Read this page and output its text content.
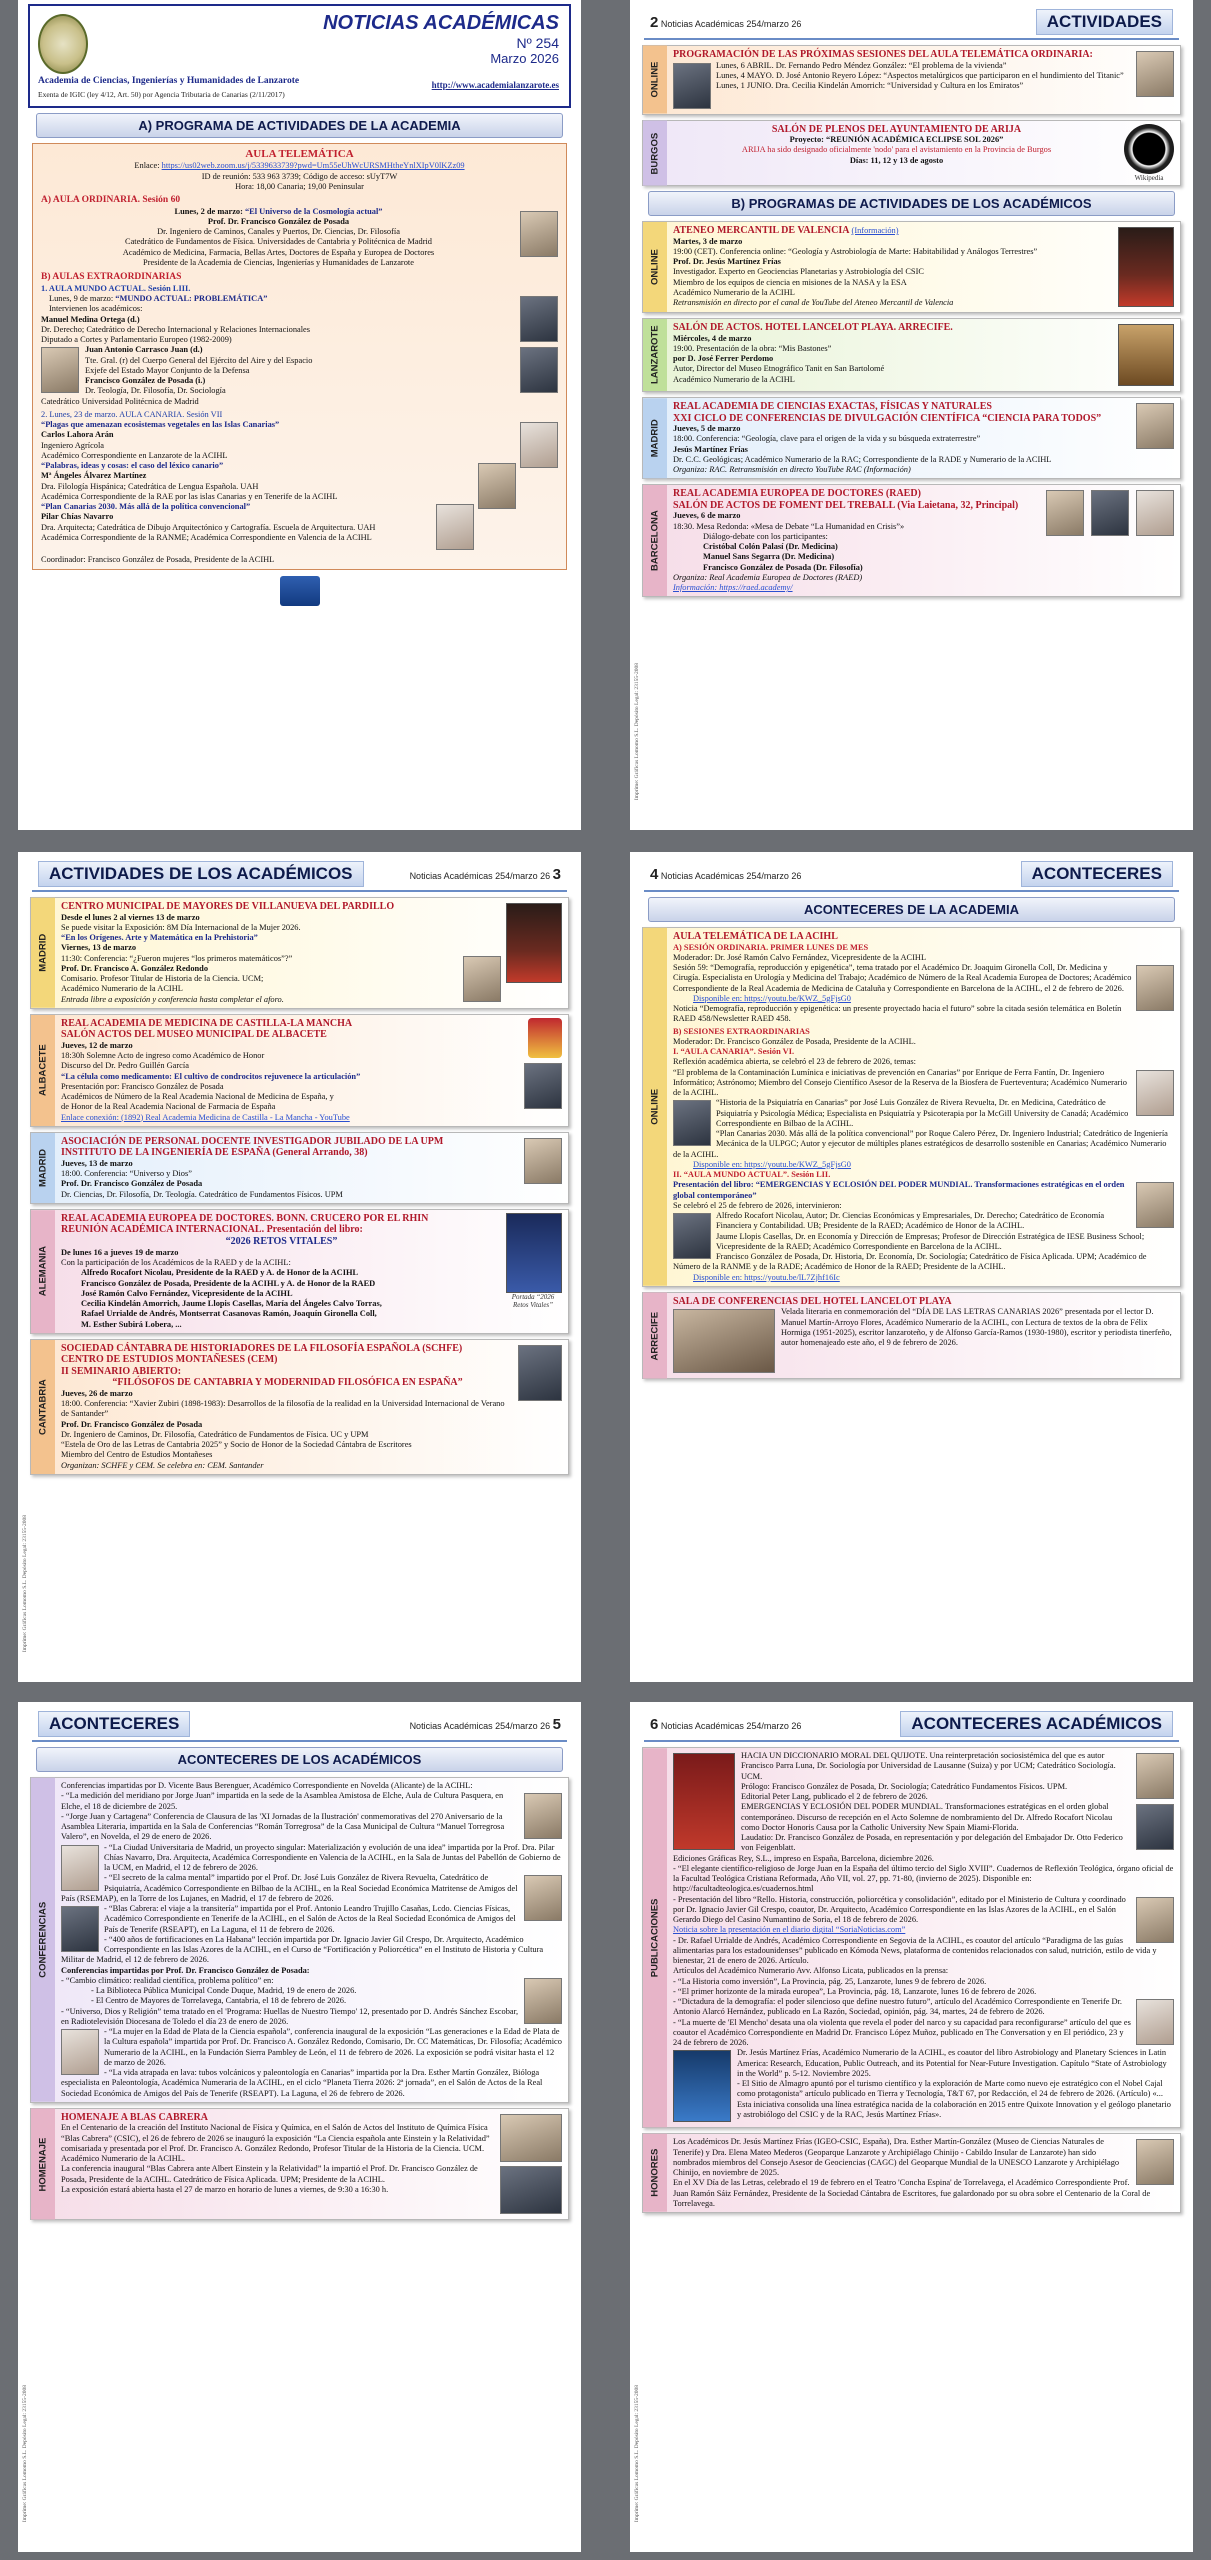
NOTICIAS ACADÉMICAS
Nº 254
Marzo 2026
http://www.academialanzarote.es
Academia de Ciencias, Ingenierías y Humanidades de Lanzarote
Exenta de IGIC (ley 4/12, Art. 50) por Agencia Tributaria de Canarias (2/11/2017)
A) PROGRAMA DE ACTIVIDADES DE LA ACADEMIA
AULA TELEMÁTICA
Enlace: https://us02web.zoom.us/j/5339633739?pwd=Um55eUhWcURSMHtheYnlXIpV0lKZz09
ID de reunión: 533 963 3739; Código de acceso: sUyT7W
Hora: 18,00 Canaria; 19,00 Peninsular
A) AULA ORDINARIA. Sesión 60
Lunes, 2 de marzo: “El Universo de la Cosmología actual”
Prof. Dr. Francisco González de Posada
Dr. Ingeniero de Caminos, Canales y Puertos, Dr. Ciencias, Dr. Filosofía
Catedrático de Fundamentos de Física. Universidades de Cantabria y Politécnica de Madrid
Académico de Medicina, Farmacia, Bellas Artes, Doctores de España y Europea de Doctores
Presidente de la Academia de Ciencias, Ingenierías y Humanidades de Lanzarote
B) AULAS EXTRAORDINARIAS
1. AULA MUNDO ACTUAL. Sesión LIII.
Lunes, 9 de marzo: “MUNDO ACTUAL: PROBLEMÁTICA”
Intervienen los académicos:
Manuel Medina Ortega (d.)
Dr. Derecho; Catedrático de Derecho Internacional y Relaciones Internacionales
Diputado a Cortes y Parlamentario Europeo (1982-2009)
Juan Antonio Carrasco Juan (d.)
Tte. Gral. (r) del Cuerpo General del Ejército del Aire y del Espacio
Exjefe del Estado Mayor Conjunto de la Defensa
Francisco González de Posada (i.)
Dr. Teología, Dr. Filosofía, Dr. Sociología
Catedrático Universidad Politécnica de Madrid
2. Lunes, 23 de marzo. AULA CANARIA. Sesión VII
“Plagas que amenazan ecosistemas vegetales en las Islas Canarias”
Carlos Lahora Arán
Ingeniero Agrícola
Académico Correspondiente en Lanzarote de la ACIHL
“Palabras, ideas y cosas: el caso del léxico canario”
Mª Ángeles Álvarez Martínez
Dra. Filología Hispánica; Catedrática de Lengua Española. UAH
Académica Correspondiente de la RAE por las islas Canarias y en Tenerife de la ACIHL
“Plan Canarias 2030. Más allá de la política convencional”
Pilar Chías Navarro
Dra. Arquitecta; Catedrática de Dibujo Arquitectónico y Cartografía. Escuela de Arquitectura. UAH
Académica Correspondiente de la RANME; Académica Correspondiente en Valencia de la ACIHL
Coordinador: Francisco González de Posada, Presidente de la ACIHL
2 Noticias Académicas 254/marzo 26	ACTIVIDADES
ONLINE
PROGRAMACIÓN DE LAS PRÓXIMAS SESIONES DEL AULA TELEMÁTICA ORDINARIA:
Lunes, 6 ABRIL. Dr. Fernando Pedro Méndez González: “El problema de la vivienda”
Lunes, 4 MAYO. D. José Antonio Reyero López: “Aspectos metalúrgicos que participaron en el hundimiento del Titanic”
Lunes, 1 JUNIO. Dra. Cecilia Kindelán Amorrich: “Universidad y Cultura en los Emiratos”
BURGOS
Wikipedia
SALÓN DE PLENOS DEL AYUNTAMIENTO DE ARIJA
Proyecto: “REUNIÓN ACADÉMICA ECLIPSE SOL 2026”
ARIJA ha sido designado oficialmente 'nodo' para el avistamiento en la Provincia de Burgos
Días: 11, 12 y 13 de agosto
B) PROGRAMAS DE ACTIVIDADES DE LOS ACADÉMICOS
ONLINE
ATENEO MERCANTIL DE VALENCIA (Información)
Martes, 3 de marzo
19:00 (CET). Conferencia online: “Geología y Astrobiología de Marte: Habitabilidad y Análogos Terrestres”
Prof. Dr. Jesús Martínez Frías
Investigador. Experto en Geociencias Planetarias y Astrobiología del CSIC
Miembro de los equipos de ciencia en misiones de la NASA y la ESA
Académico Numerario de la ACIHL
Retransmisión en directo por el canal de YouTube del Ateneo Mercantil de Valencia
LANZAROTE	SALÓN DE ACTOS. HOTEL LANCELOT PLAYA. ARRECIFE.
Miércoles, 4 de marzo
19:00. Presentación de la obra: “Mis Bastones”
por D. José Ferrer Perdomo
Autor, Director del Museo Etnográfico Tanit en San Bartolomé
Académico Numerario de la ACIHL
MADRID
REAL ACADEMIA DE CIENCIAS EXACTAS, FÍSICAS Y NATURALES
XXI CICLO DE CONFERENCIAS DE DIVULGACIÓN CIENTÍFICA “CIENCIA PARA TODOS”
Jueves, 5 de marzo
18:00. Conferencia: “Geología, clave para el origen de la vida y su búsqueda extraterrestre”
Jesús Martínez Frías
Dr. C.C. Geológicas; Académico Numerario de la RAC; Correspondiente de la RADE y Numerario de la ACIHL
Organiza: RAC. Retransmisión en directo YouTube RAC (Información)
BARCELONA
REAL ACADEMIA EUROPEA DE DOCTORES (RAED)
SALÓN DE ACTOS DE FOMENT DEL TREBALL (Via Laietana, 32, Principal)
Jueves, 6 de marzo
18:30. Mesa Redonda: «Mesa de Debate “La Humanidad en Crisis”»
Diálogo-debate con los participantes:
Cristóbal Colón Palasí (Dr. Medicina)
Manuel Sans Segarra (Dr. Medicina)
Francisco González de Posada (Dr. Filosofía)
Organiza: Real Academia Europea de Doctores (RAED)
Información: https://raed.academy/
Imprime: Gráficas Lomomo S.L. Depósito Legal: 23155-2008
ACTIVIDADES DE LOS ACADÉMICOS	Noticias Académicas 254/marzo 26 3
MADRID
CENTRO MUNICIPAL DE MAYORES DE VILLANUEVA DEL PARDILLO
Desde el lunes 2 al viernes 13 de marzo
Se puede visitar la Exposición: 8M Día Internacional de la Mujer 2026.
“En los Orígenes. Arte y Matemática en la Prehistoria”
Viernes, 13 de marzo
11:30: Conferencia: “¿Fueron mujeres “los primeros matemáticos”?”
Prof. Dr. Francisco A. González Redondo
Comisario. Profesor Titular de Historia de la Ciencia. UCM;
Académico Numerario de la ACIHL
Entrada libre a exposición y conferencia hasta completar el aforo.
ALBACETE
REAL ACADEMIA DE MEDICINA DE CASTILLA-LA MANCHA
SALÓN ACTOS DEL MUSEO MUNICIPAL DE ALBACETE
Jueves, 12 de marzo
18:30h Solemne Acto de ingreso como Académico de Honor
Discurso del Dr. Pedro Guillén García
“La célula como medicamento: El cultivo de condrocitos rejuvenece la articulación”
Presentación por: Francisco González de Posada
Académicos de Número de la Real Academia Nacional de Medicina de España, y
de Honor de la Real Academia Nacional de Farmacia de España
Enlace conexión: (1892) Real Academia Medicina de Castilla - La Mancha - YouTube
MADRID
ASOCIACIÓN DE PERSONAL DOCENTE INVESTIGADOR JUBILADO DE LA UPM
INSTITUTO DE LA INGENIERÍA DE ESPAÑA (General Arrando, 38)
Jueves, 13 de marzo
18:00. Conferencia: “Universo y Dios”
Prof. Dr. Francisco González de Posada
Dr. Ciencias, Dr. Filosofía, Dr. Teología. Catedrático de Fundamentos Físicos. UPM
ALEMANIA
Portada “2026 Retos Vitales”
REAL ACADEMIA EUROPEA DE DOCTORES. BONN. CRUCERO POR EL RHIN
REUNIÓN ACADÉMICA INTERNACIONAL. Presentación del libro:
“2026 RETOS VITALES”
De lunes 16 a jueves 19 de marzo
Con la participación de los Académicos de la RAED y de la ACIHL:
Alfredo Rocafort Nicolau, Presidente de la RAED y A. de Honor de la ACIHL
Francisco González de Posada, Presidente de la ACIHL y A. de Honor de la RAED
José Ramón Calvo Fernández, Vicepresidente de la ACIHL
Cecilia Kindelán Amorrich, Jaume Llopis Casellas, María del Ángeles Calvo Torras,
Rafael Urrialde de Andrés, Montserrat Casanovas Ramón, Joaquín Gironella Coll,
M. Esther Subirá Lobera, ...
CANTABRIA
SOCIEDAD CÁNTABRA DE HISTORIADORES DE LA FILOSOFÍA ESPAÑOLA (SCHFE)
CENTRO DE ESTUDIOS MONTAÑESES (CEM)
II SEMINARIO ABIERTO:
“FILÓSOFOS DE CANTABRIA Y MODERNIDAD FILOSÓFICA EN ESPAÑA”
Jueves, 26 de marzo
18:00. Conferencia: “Xavier Zubiri (1898-1983): Desarrollos de la filosofía de la realidad en la Universidad Internacional de Verano de Santander”
Prof. Dr. Francisco González de Posada
Dr. Ingeniero de Caminos, Dr. Filosofía, Catedrático de Fundamentos de Física. UC y UPM
“Estela de Oro de las Letras de Cantabria 2025” y Socio de Honor de la Sociedad Cántabra de Escritores
Miembro del Centro de Estudios Montañeses
Organizan: SCHFE y CEM. Se celebra en: CEM. Santander
Imprime: Gráficas Lomomo S.L. Depósito Legal: 23155-2008
4 Noticias Académicas 254/marzo 26	ACONTECERES
ACONTECERES DE LA ACADEMIA
ONLINE
AULA TELEMÁTICA DE LA ACIHL
A) SESIÓN ORDINARIA. PRIMER LUNES DE MES
Moderador: Dr. José Ramón Calvo Fernández, Vicepresidente de la ACIHL
Sesión 59: “Demografía, reproducción y epigenética”, tema tratado por el Académico Dr. Joaquim Gironella Coll, Dr. Medicina y Cirugía. Especialista en Urología y Medicina del Trabajo; Académico de Número de la Real Academia Europea de Doctores; Académico Correspondiente de la Real Academia de Medicina de Cataluña y Correspondiente en Barcelona de la ACIHL, el 2 de febrero de 2026.
Disponible en: https://youtu.be/KWZ_5gFjsG0
Noticia “Demografía, reproducción y epigenética: un presente proyectado hacia el futuro” sobre la citada sesión telemática en Boletín RAED 458/Newsletter RAED 458.
B) SESIONES EXTRAORDINARIAS
Moderador: Dr. Francisco González de Posada, Presidente de la ACIHL.
I. “AULA CANARIA”. Sesión VI.
Reflexión académica abierta, se celebró el 23 de febrero de 2026, temas:
“El problema de la Contaminación Lumínica e iniciativas de prevención en Canarias” por Enrique de Ferra Fantín, Dr. Ingeniero Informático; Astrónomo; Miembro del Consejo Científico Asesor de la Reserva de la Biosfera de Fuerteventura; Académico Numerario de la ACIHL.
“Historia de la Psiquiatría en Canarias” por José Luis González de Rivera Revuelta, Dr. en Medicina, Catedrático de Psiquiatría y Psicología Médica; Especialista en Psiquiatría y Psicoterapia por la McGill University de Canadá; Académico Correspondiente en Bilbao de la ACIHL.
“Plan Canarias 2030. Más allá de la política convencional” por Roque Calero Pérez, Dr. Ingeniero Industrial; Catedrático de Ingeniería Mecánica de la ULPGC; Autor y ejecutor de múltiples planes estratégicos de desarrollo sostenible en Canarias; Académico Numerario de la ACIHL.
Disponible en: https://youtu.be/KWZ_5gFjsG0
II. “AULA MUNDO ACTUAL”. Sesión LII.
Presentación del libro: “EMERGENCIAS Y ECLOSIÓN DEL PODER MUNDIAL. Transformaciones estratégicas en el orden global contemporáneo”
Se celebró el 25 de febrero de 2026, intervinieron:
Alfredo Rocafort Nicolau, Autor; Dr. Ciencias Económicas y Empresariales, Dr. Derecho; Catedrático de Economía Financiera y Contabilidad. UB; Presidente de la RAED; Académico de Honor de la ACIHL.
Jaume Llopis Casellas, Dr. en Economía y Dirección de Empresas; Profesor de Dirección Estratégica de IESE Business School; Vicepresidente de la RAED; Académico Correspondiente en Barcelona de la ACIHL.
Francisco González de Posada, Dr. Historia, Dr. Economía, Dr. Sociología; Catedrático de Física Aplicada. UPM; Académico de Número de la RANME y de la RADE; Académico de Honor de la RAED; Presidente de la ACIHL.
Disponible en: https://youtu.be/lL7Zjhf16Ic
ARRECIFE
SALA DE CONFERENCIAS DEL HOTEL LANCELOT PLAYA
Velada literaria en conmemoración del “DÍA DE LAS LETRAS CANARIAS 2026” presentada por el lector D. Manuel Martín-Arroyo Flores, Académico Numerario de la ACIHL, con Lectura de textos de la obra de Félix Hormiga (1951-2025), escritor lanzaroteño, y de Alfonso García-Ramos (1930-1980), escritor y periodista tinerfeño, autor homenajeado este año, el 9 de febrero de 2026.
ACONTECERES	Noticias Académicas 254/marzo 26 5
ACONTECERES DE LOS ACADÉMICOS
CONFERENCIAS
Conferencias impartidas por D. Vicente Baus Berenguer, Académico Correspondiente en Novelda (Alicante) de la ACIHL:
- “La medición del meridiano por Jorge Juan” impartida en la sede de la Asamblea Amistosa de Elche, Aula de Cultura Pasquera, en Elche, el 18 de diciembre de 2025.
- “Jorge Juan y Cartagena” Conferencia de Clausura de las 'XI Jornadas de la Ilustración' conmemorativas del 270 Aniversario de la Asamblea Literaria, impartida en la Sala de Conferencias “Román Torregrosa” de la Casa Municipal de Cultura “Manuel Torregrosa Valero”, en Novelda, el 29 de enero de 2026.
- “La Ciudad Universitaria de Madrid, un proyecto singular: Materialización y evolución de una idea” impartida por la Prof. Dra. Pilar Chías Navarro, Dra. Arquitecta, Académica Correspondiente en Valencia de la ACIHL, en la Sala de Juntas del Pabellón de Gobierno de la UCM, en Madrid, el 12 de febrero de 2026.
- “El secreto de la calma mental” impartido por el Prof. Dr. José Luis González de Rivera Revuelta, Catedrático de Psiquiatría, Académico Correspondiente en Bilbao de la ACIHL, en la Real Sociedad Económica Matritense de Amigos del País (RSEMAP), en la Torre de los Lujanes, en Madrid, el 17 de febrero de 2026.
- “Blas Cabrera: el viaje a la transitería” impartida por el Prof. Antonio Leandro Trujillo Casañas, Lcdo. Ciencias Físicas, Académico Correspondiente en Tenerife de la ACIHL, en el Salón de Actos de la Real Sociedad Económica de Amigos del País de Tenerife (RSEAPT), en La Laguna, el 11 de febrero de 2026.
- “400 años de fortificaciones en La Habana” lección impartida por Dr. Ignacio Javier Gil Crespo, Dr. Arquitecto, Académico Correspondiente en las Islas Azores de la ACIHL, en el Curso de “Fortificación y Poliorcética” en el Instituto de Historia y Cultura Militar de Madrid, el 12 de febrero de 2026.
Conferencias impartidas por Prof. Dr. Francisco González de Posada:
- “Cambio climático: realidad científica, problema político” en:
- La Biblioteca Pública Municipal Conde Duque, Madrid, 19 de enero de 2026.
- El Centro de Mayores de Torrelavega, Cantabria, el 18 de febrero de 2026.
- “Universo, Dios y Religión” tema tratado en el 'Programa: Huellas de Nuestro Tiempo' 12, presentado por D. Andrés Sánchez Escobar, en Radiotelevisión Diocesana de Toledo el día 23 de enero de 2026.
- “La mujer en la Edad de Plata de la Ciencia española”, conferencia inaugural de la exposición “Las generaciones e la Edad de Plata de la Cultura española” impartida por Prof. Dr. Francisco A. González Redondo, Comisario, Dr. CC Matemáticas, Dr. Filosofía; Académico Numerario de la ACIHL, en la Fundación Sierra Pambley de León, el 11 de febrero de 2026. La exposición se podrá visitar hasta el 12 de marzo de 2026.
- “La vida atrapada en lava: tubos volcánicos y paleontología en Canarias” impartida por la Dra. Esther Martín González, Bióloga especialista en Paleontología, Académica Numeraria de la ACIHL, en el ciclo “Planeta Tierra 2026: 2ª jornada”, en el Salón de Actos de la Real Sociedad Económica de Amigos del País de Tenerife (RSEAPT). La Laguna, el 26 de febrero de 2026.
HOMENAJE
HOMENAJE A BLAS CABRERA
En el Centenario de la creación del Instituto Nacional de Física y Química, en el Salón de Actos del Instituto de Química Física “Blas Cabrera” (CSIC), el 26 de febrero de 2026 se inauguró la exposición “La Ciencia española ante Einstein y la Relatividad” comisariada y presentada por el Prof. Dr. Francisco A. González Redondo, Profesor Titular de la Historia de la Ciencia. UCM. Académico Numerario de la ACIHL.
La conferencia inaugural “Blas Cabrera ante Albert Einstein y la Relatividad” la impartió el Prof. Dr. Francisco González de Posada, Presidente de la ACIHL. Catedrático de Física Aplicada. UPM; Presidente de la ACIHL.
La exposición estará abierta hasta el 27 de marzo en horario de lunes a viernes, de 9:30 a 16:30 h.
Imprime: Gráficas Lomomo S.L. Depósito Legal: 23155-2008
6 Noticias Académicas 254/marzo 26	ACONTECERES ACADÉMICOS
PUBLICACIONES
HACIA UN DICCIONARIO MORAL DEL QUIJOTE. Una reinterpretación sociosistémica del que es autor Francisco Parra Luna, Dr. Sociología por Universidad de Lausanne (Suiza) y por UCM; Catedrático Sociología. UCM.
Prólogo: Francisco González de Posada, Dr. Sociología; Catedrático Fundamentos Físicos. UPM.
Editorial Peter Lang, publicado el 2 de febrero de 2026.
EMERGENCIAS Y ECLOSIÓN DEL PODER MUNDIAL. Transformaciones estratégicas en el orden global contemporáneo. Discurso de recepción en el Acto Solemne de nombramiento del Dr. Alfredo Rocafort Nicolau como Doctor Honoris Causa por la Catholic University New Spain Miami-Florida.
Laudatio: Dr. Francisco González de Posada, en representación y por delegación del Embajador Dr. Otto Federico von Feigenblatt.
Ediciones Gráficas Rey, S.L., impreso en España, Barcelona, diciembre 2026.
- “El elegante científico-religioso de Jorge Juan en la España del último tercio del Siglo XVIII”. Cuadernos de Reflexión Teológica, órgano oficial de la Facultad Teológica Cristiana Reformada, Año VII, vol. 27, pp. 71-80, (invierno de 2025). Disponible en: http://facultadteologica.es/cuadernos.html
- Presentación del libro “Rello. Historia, construcción, poliorcética y consolidación”, editado por el Ministerio de Cultura y coordinado por Dr. Ignacio Javier Gil Crespo, coautor, Dr. Arquitecto, Académico Correspondiente en las Islas Azores de la ACIHL, en el Salón Gerardo Diego del Casino Numantino de Soria, el 18 de febrero de 2026.
Noticia sobre la presentación en el diario digital “SoriaNoticias.com”
- Dr. Rafael Urrialde de Andrés, Académico Correspondiente en Segovia de la ACIHL, es coautor del artículo “Paradigma de las guías alimentarias para los estadounidenses” publicado en Kómoda News, plataforma de contenidos relacionados con salud, nutrición, estilo de vida y bienestar, 21 de enero de 2026. Artículo.
Artículos del Académico Numerario Avv. Alfonso Licata, publicados en la prensa:
- “La Historia como inversión”, La Provincia, pág. 25, Lanzarote, lunes 9 de febrero de 2026.
- “El primer horizonte de la mirada europea”, La Provincia, pág. 18, Lanzarote, lunes 16 de febrero de 2026.
- “Dictadura de la demografía: el poder silencioso que define nuestro futuro”, artículo del Académico Correspondiente en Tenerife Dr. Antonio Alarcó Hernández, publicado en La Razón, Sociedad, opinión, pág. 34, martes, 24 de febrero de 2026.
- “La muerte de 'El Mencho' desata una ola violenta que revela el poder del narco y su capacidad para reconfigurarse” artículo del que es coautor el Académico Correspondiente en Madrid Dr. Francisco López Muñoz, publicado en The Conversation y en El periódico, 23 y 24 de febrero de 2026.
Dr. Jesús Martínez Frías, Académico Numerario de la ACIHL, es coautor del libro Astrobiology and Planetary Sciences in Latin America: Research, Education, Public Outreach, and its Potential for Near-Future Investigation. Capítulo “State of Astrobiology in the World” p. 5-12. Noviembre 2025.
- El Sitio de Almagro apuntó por el turismo científico y la exploración de Marte como nuevo eje estratégico con el Nobel Cajal como protagonista” artículo publicado en Tierra y Tecnología, T&T 67, por Redacción, el 24 de febrero de 2026. (Artículo) «... Esta iniciativa consolida una línea estratégica nacida de la colaboración en 2015 entre Quixote Innovation y el geólogo planetario y astrobiólogo del CSIC y de la RAC, Jesús Martínez Frías».
HONORES
Los Académicos Dr. Jesús Martínez Frías (IGEO-CSIC, España), Dra. Esther Martín-González (Museo de Ciencias Naturales de Tenerife) y Dra. Elena Mateo Mederos (Geoparque Lanzarote y Archipiélago Chinijo - Cabildo Insular de Lanzarote) han sido nombrados miembros del Consejo Asesor de Geociencias (CAGC) del Geoparque Mundial de la UNESCO Lanzarote y Archipiélago Chinijo, en noviembre de 2025.
En el XV Día de las Letras, celebrado el 19 de febrero en el Teatro 'Concha Espina' de Torrelavega, el Académico Correspondiente Prof. Juan Ramón Sáiz Fernández, Presidente de la Sociedad Cántabra de Escritores, fue galardonado por su obra sobre el Centenario de la Coral de Torrelavega.
Imprime: Gráficas Lomomo S.L. Depósito Legal: 23155-2008
